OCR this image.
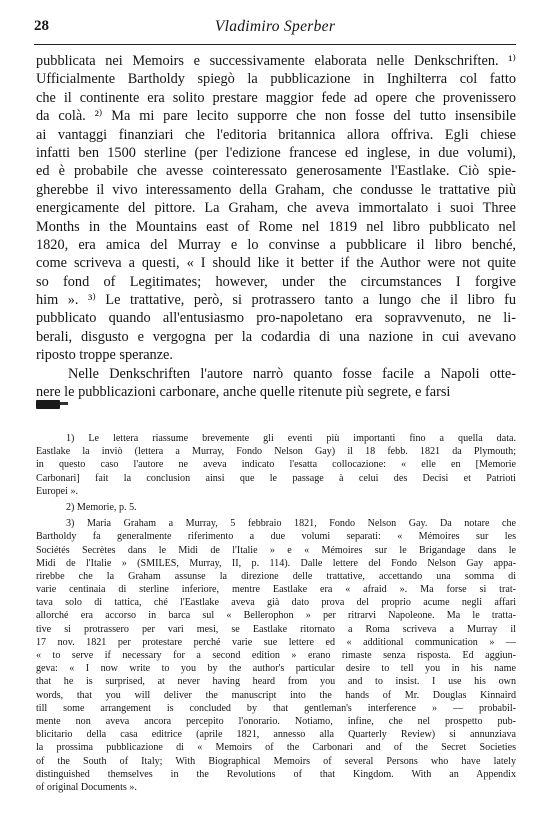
28	Vladimiro Sperber
pubblicata nei Memoirs e successivamente elaborata nelle Denkschriften. ¹⁾
Ufficialmente Bartholdy spiegò la pubblicazione in Inghilterra col fatto
che il continente era solito prestare maggior fede ad opere che provenissero
da colà. ²⁾ Ma mi pare lecito supporre che non fosse del tutto insensibile
ai vantaggi finanziari che l'editoria britannica allora offriva. Egli chiese
infatti ben 1500 sterline (per l'edizione francese ed inglese, in due volumi),
ed è probabile che avesse cointeressato generosamente l'Eastlake. Ciò spie-
gherebbe il vivo interessamento della Graham, che condusse le trattative più
energicamente del pittore. La Graham, che aveva immortalato i suoi Three
Months in the Mountains east of Rome nel 1819 nel libro pubblicato nel
1820, era amica del Murray e lo convinse a pubblicare il libro benché,
come scriveva a questi, « I should like it better if the Author were not quite
so fond of Legitimates; however, under the circumstances I forgive
him ». ³⁾ Le trattative, però, si protrassero tanto a lungo che il libro fu
pubblicato quando all'entusiasmo pro-napoletano era sopravvenuto, ne li-
berali, disgusto e vergogna per la codardia di una nazione in cui avevano
riposto troppe speranze.
Nelle Denkschriften l'autore narrò quanto fosse facile a Napoli otte-
nere le pubblicazioni carbonare, anche quelle ritenute più segrete, e farsi
1) Le lettera riassume brevemente gli eventi più importanti fino a quella data.
Eastlake la inviò (lettera a Murray, Fondo Nelson Gay) il 18 febb. 1821 da Plymouth;
in questo caso l'autore ne aveva indicato l'esatta collocazione: « elle en [Memorie
Carbonari] fait la conclusion ainsi que le passage à celui des Decisi et Patrioti
Europei ».
2) Memorie, p. 5.
3) Maria Graham a Murray, 5 febbraio 1821, Fondo Nelson Gay. Da notare che
Bartholdy fa generalmente riferimento a due volumi separati: « Mémoires sur les
Sociétés Secrètes dans le Midi de l'Italie » e « Mémoires sur le Brigandage dans le
Midi de l'Italie » (SMILES, Murray, II, p. 114). Dalle lettere del Fondo Nelson Gay appa-
rirebbe che la Graham assunse la direzione delle trattative, accettando una somma di
varie centinaia di sterline inferiore, mentre Eastlake era « afraid ». Ma forse si trat-
tava solo di tattica, ché l'Eastlake aveva già dato prova del proprio acume negli affari
allorché era accorso in barca sul « Bellerophon » per ritrarvi Napoleone. Ma le tratta-
tive si protrassero per vari mesi, se Eastlake ritornato a Roma scriveva a Murray il
17 nov. 1821 per protestare perché varie sue lettere ed « additional communication » —
« to serve if necessary for a second edition » erano rimaste senza risposta. Ed aggiun-
geva: « I now write to you by the author's particular desire to tell you in his name
that he is surprised, at never having heard from you and to insist. I use his own
words, that you will deliver the manuscript into the hands of Mr. Douglas Kinnaird
till some arrangement is concluded by that gentleman's interference » — probabil-
mente non aveva ancora percepito l'onorario. Notiamo, infine, che nel prospetto pub-
blicitario della casa editrice (aprile 1821, annesso alla Quarterly Review) si annunziava
la prossima pubblicazione di « Memoirs of the Carbonari and of the Secret Societies
of the South of Italy; With Biographical Memoirs of several Persons who have lately
distinguished themselves in the Revolutions of that Kingdom. With an Appendix
of original Documents ».
